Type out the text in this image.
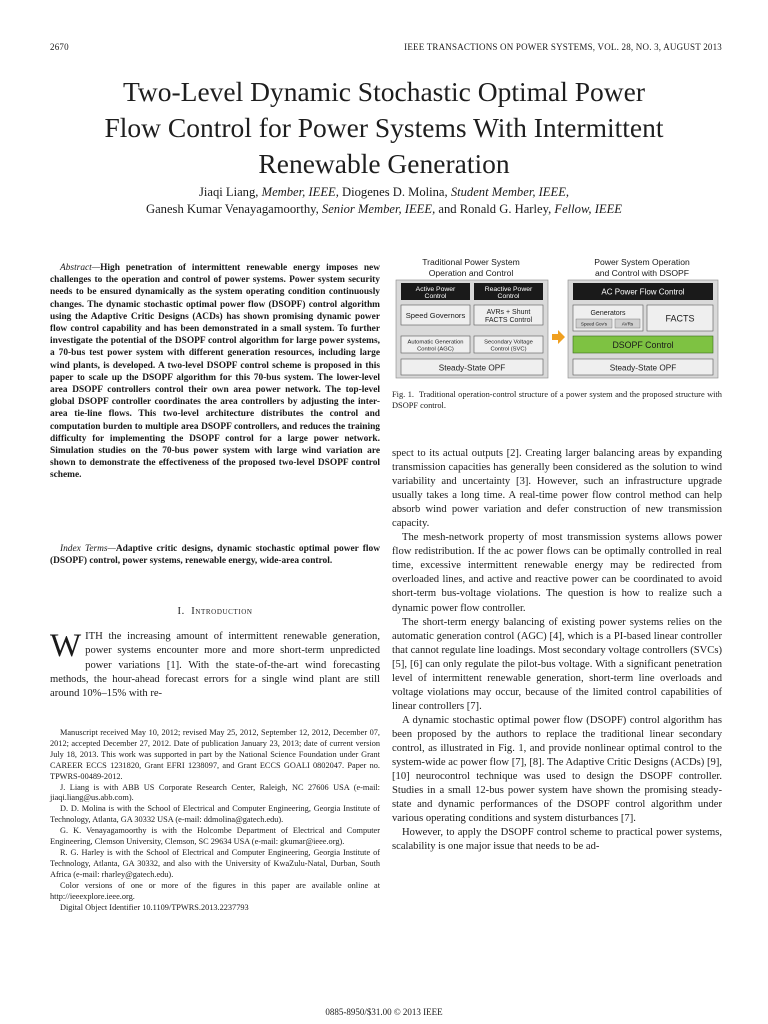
2670	IEEE TRANSACTIONS ON POWER SYSTEMS, VOL. 28, NO. 3, AUGUST 2013
Two-Level Dynamic Stochastic Optimal Power
Flow Control for Power Systems With Intermittent
Renewable Generation
Jiaqi Liang, Member, IEEE, Diogenes D. Molina, Student Member, IEEE,
Ganesh Kumar Venayagamoorthy, Senior Member, IEEE, and Ronald G. Harley, Fellow, IEEE
Abstract—High penetration of intermittent renewable energy imposes new challenges to the operation and control of power systems. Power system security needs to be ensured dynamically as the system operating condition continuously changes. The dynamic stochastic optimal power flow (DSOPF) control algorithm using the Adaptive Critic Designs (ACDs) has shown promising dynamic power flow control capability and has been demonstrated in a small system. To further investigate the potential of the DSOPF control algorithm for large power systems, a 70-bus test power system with different generation resources, including large wind plants, is developed. A two-level DSOPF control scheme is proposed in this paper to scale up the DSOPF algorithm for this 70-bus system. The lower-level area DSOPF controllers control their own area power network. The top-level global DSOPF controller coordinates the area controllers by adjusting the inter-area tie-line flows. This two-level architecture distributes the control and computation burden to multiple area DSOPF controllers, and reduces the training difficulty for implementing the DSOPF control for a large power network. Simulation studies on the 70-bus power system with large wind variation are shown to demonstrate the effectiveness of the proposed two-level DSOPF control scheme.
Index Terms—Adaptive critic designs, dynamic stochastic optimal power flow (DSOPF) control, power systems, renewable energy, wide-area control.
I. Introduction
WITH the increasing amount of intermittent renewable generation, power systems encounter more and more short-term unpredicted power variations [1]. With the state-of-the-art wind forecasting methods, the hour-ahead forecast errors for a single wind plant are still around 10%–15% with re-

Manuscript received May 10, 2012; revised May 25, 2012, September 12, 2012, December 07, 2012; accepted December 27, 2012. Date of publication January 23, 2013; date of current version July 18, 2013. This work was supported in part by the National Science Foundation under Grant CAREER ECCS 1231820, Grant EFRI 1238097, and Grant ECCS GOALI 0802047. Paper no. TPWRS-00489-2012.

J. Liang is with ABB US Corporate Research Center, Raleigh, NC 27606 USA (e-mail: jiaqi.liang@us.abb.com).

D. D. Molina is with the School of Electrical and Computer Engineering, Georgia Institute of Technology, Atlanta, GA 30332 USA (e-mail: ddmolina@gatech.edu).

G. K. Venayagamoorthy is with the Holcombe Department of Electrical and Computer Engineering, Clemson University, Clemson, SC 29634 USA (e-mail: gkumar@ieee.org).

R. G. Harley is with the School of Electrical and Computer Engineering, Georgia Institute of Technology, Atlanta, GA 30332, and also with the University of KwaZulu-Natal, Durban, South Africa (e-mail: rharley@gatech.edu).

Color versions of one or more of the figures in this paper are available online at http://ieeexplore.ieee.org.

Digital Object Identifier 10.1109/TPWRS.2013.2237793

Traditional Power System
Operation and Control
Active Power
Control
Reactive Power
Control
Speed Governors	AVRs + Shunt
FACTS Control
Automatic Generation
Control (AGC)
Secondary Voltage
Control (SVC)
Steady-State OPF
Power System Operation
and Control with DSOPF
AC Power Flow Control
Generators
Speed Gov's	AVRs
FACTS
DSOPF Control
Steady-State OPF
Fig. 1. Traditional operation-control structure of a power system and the proposed structure with DSOPF control.

spect to its actual outputs [2]. Creating larger balancing areas by expanding transmission capacities has generally been considered as the solution to wind variability and uncertainty [3]. However, such an infrastructure upgrade usually takes a long time. A real-time power flow control method can help absorb wind power variation and defer construction of new transmission capacity.

The mesh-network property of most transmission systems allows power flow redistribution. If the ac power flows can be optimally controlled in real time, excessive intermittent renewable energy may be redirected from overloaded lines, and active and reactive power can be coordinated to avoid short-term bus-voltage violations. The question is how to realize such a dynamic power flow controller.

The short-term energy balancing of existing power systems relies on the automatic generation control (AGC) [4], which is a PI-based linear controller that cannot regulate line loadings. Most secondary voltage controllers (SVCs) [5], [6] can only regulate the pilot-bus voltage. With a significant penetration level of intermittent renewable generation, short-term line overloads and voltage violations may occur, because of the limited control capabilities of linear controllers [7].

A dynamic stochastic optimal power flow (DSOPF) control algorithm has been proposed by the authors to replace the traditional linear secondary control, as illustrated in Fig. 1, and provide nonlinear optimal control to the system-wide ac power flow [7], [8]. The Adaptive Critic Designs (ACDs) [9], [10] neurocontrol technique was used to design the DSOPF controller. Studies in a small 12-bus power system have shown the promising steady-state and dynamic performances of the DSOPF control algorithm under various operating conditions and system disturbances [7].

However, to apply the DSOPF control scheme to practical power systems, scalability is one major issue that needs to be ad-

0885-8950/$31.00 © 2013 IEEE
